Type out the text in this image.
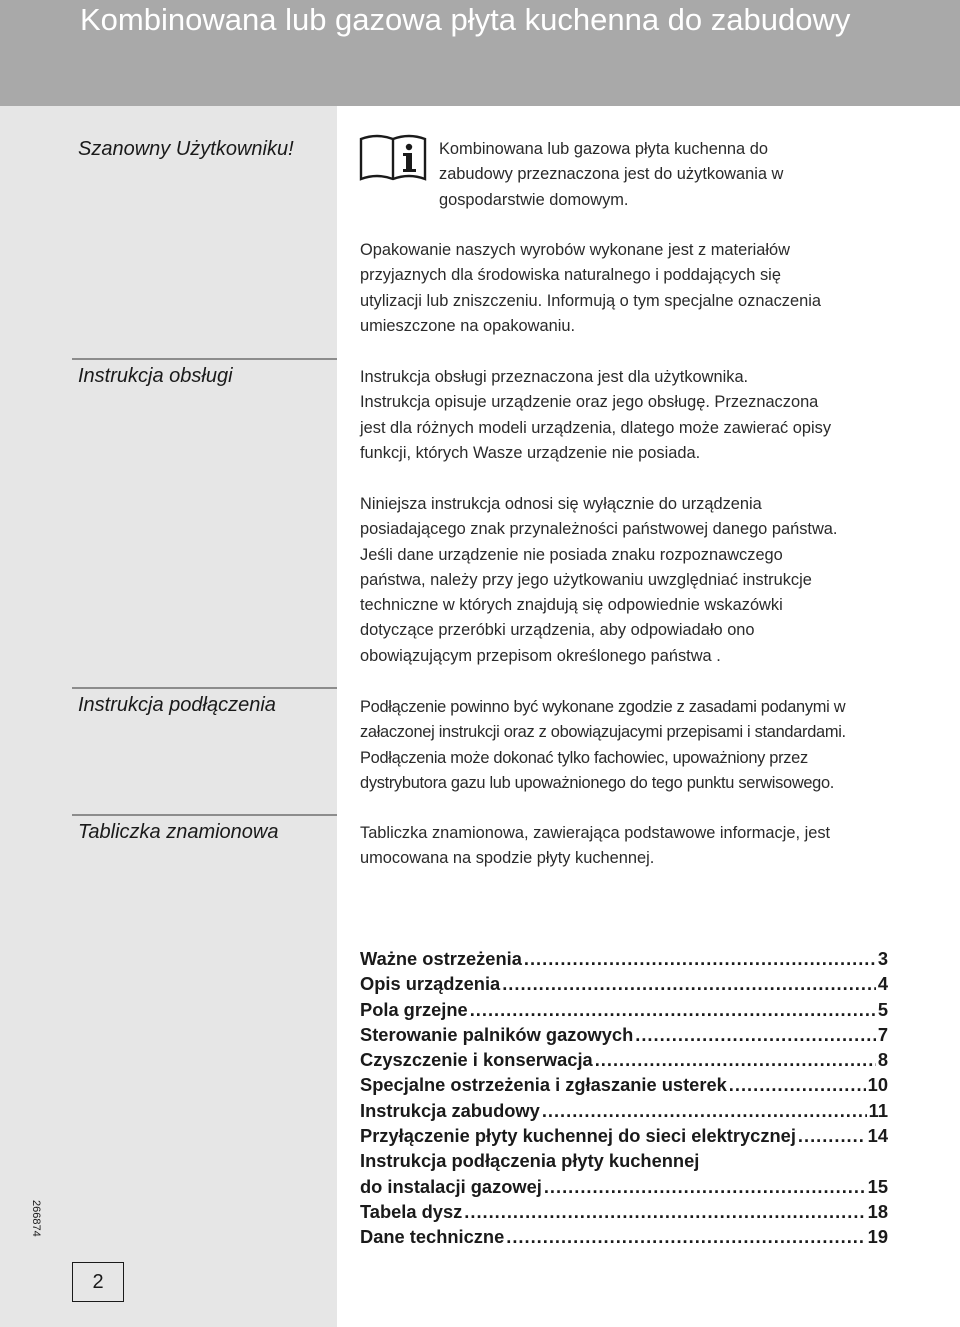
Kombinowana lub gazowa płyta kuchenna do zabudowy
Szanowny Użytkowniku!
Instrukcja obsługi
Instrukcja podłączenia
Tabliczka znamionowa
Kombinowana lub gazowa płyta kuchenna do
zabudowy przeznaczona jest do użytkowania w
gospodarstwie domowym.
Opakowanie naszych wyrobów wykonane jest z materiałów
przyjaznych dla środowiska naturalnego i poddających się
utylizacji lub zniszczeniu. Informują o tym specjalne oznaczenia
umieszczone na opakowaniu.
Instrukcja obsługi przeznaczona jest dla użytkownika.
Instrukcja opisuje urządzenie oraz jego obsługę. Przeznaczona
jest dla różnych modeli urządzenia, dlatego może zawierać opisy
funkcji, których Wasze urządzenie nie posiada.
Niniejsza instrukcja odnosi się wyłącznie do urządzenia
posiadającego znak przynależności państwowej danego państwa.
Jeśli dane urządzenie nie posiada znaku rozpoznawczego
państwa, należy przy jego użytkowaniu uwzględniać instrukcje
techniczne w których znajdują się odpowiednie wskazówki
dotyczące przeróbki urządzenia, aby odpowiadało ono
obowiązującym przepisom określonego państwa .
Podłączenie powinno być wykonane zgodzie z zasadami podanymi w
załaczonej instrukcji oraz z obowiązujacymi przepisami i standardami.
Podłączenia może dokonać tylko fachowiec, upoważniony przez
dystrybutora gazu lub upoważnionego do tego punktu serwisowego.
Tabliczka znamionowa, zawierająca podstawowe informacje, jest
umocowana na spodzie płyty kuchennej.
Ważne ostrzeżenia .....	3
Opis urządzenia .....	4
Pola grzejne .....	5
Sterowanie palników gazowych .....	7
Czyszczenie i konserwacja .....	8
Specjalne ostrzeżenia i zgłaszanie usterek .....	10
Instrukcja zabudowy .....	11
Przyłączenie płyty kuchennej do sieci elektrycznej .....	14
Instrukcja podłączenia płyty kuchennej
do instalacji gazowej .....	15
Tabela dysz .....	18
Dane techniczne .....	19
266874
2
